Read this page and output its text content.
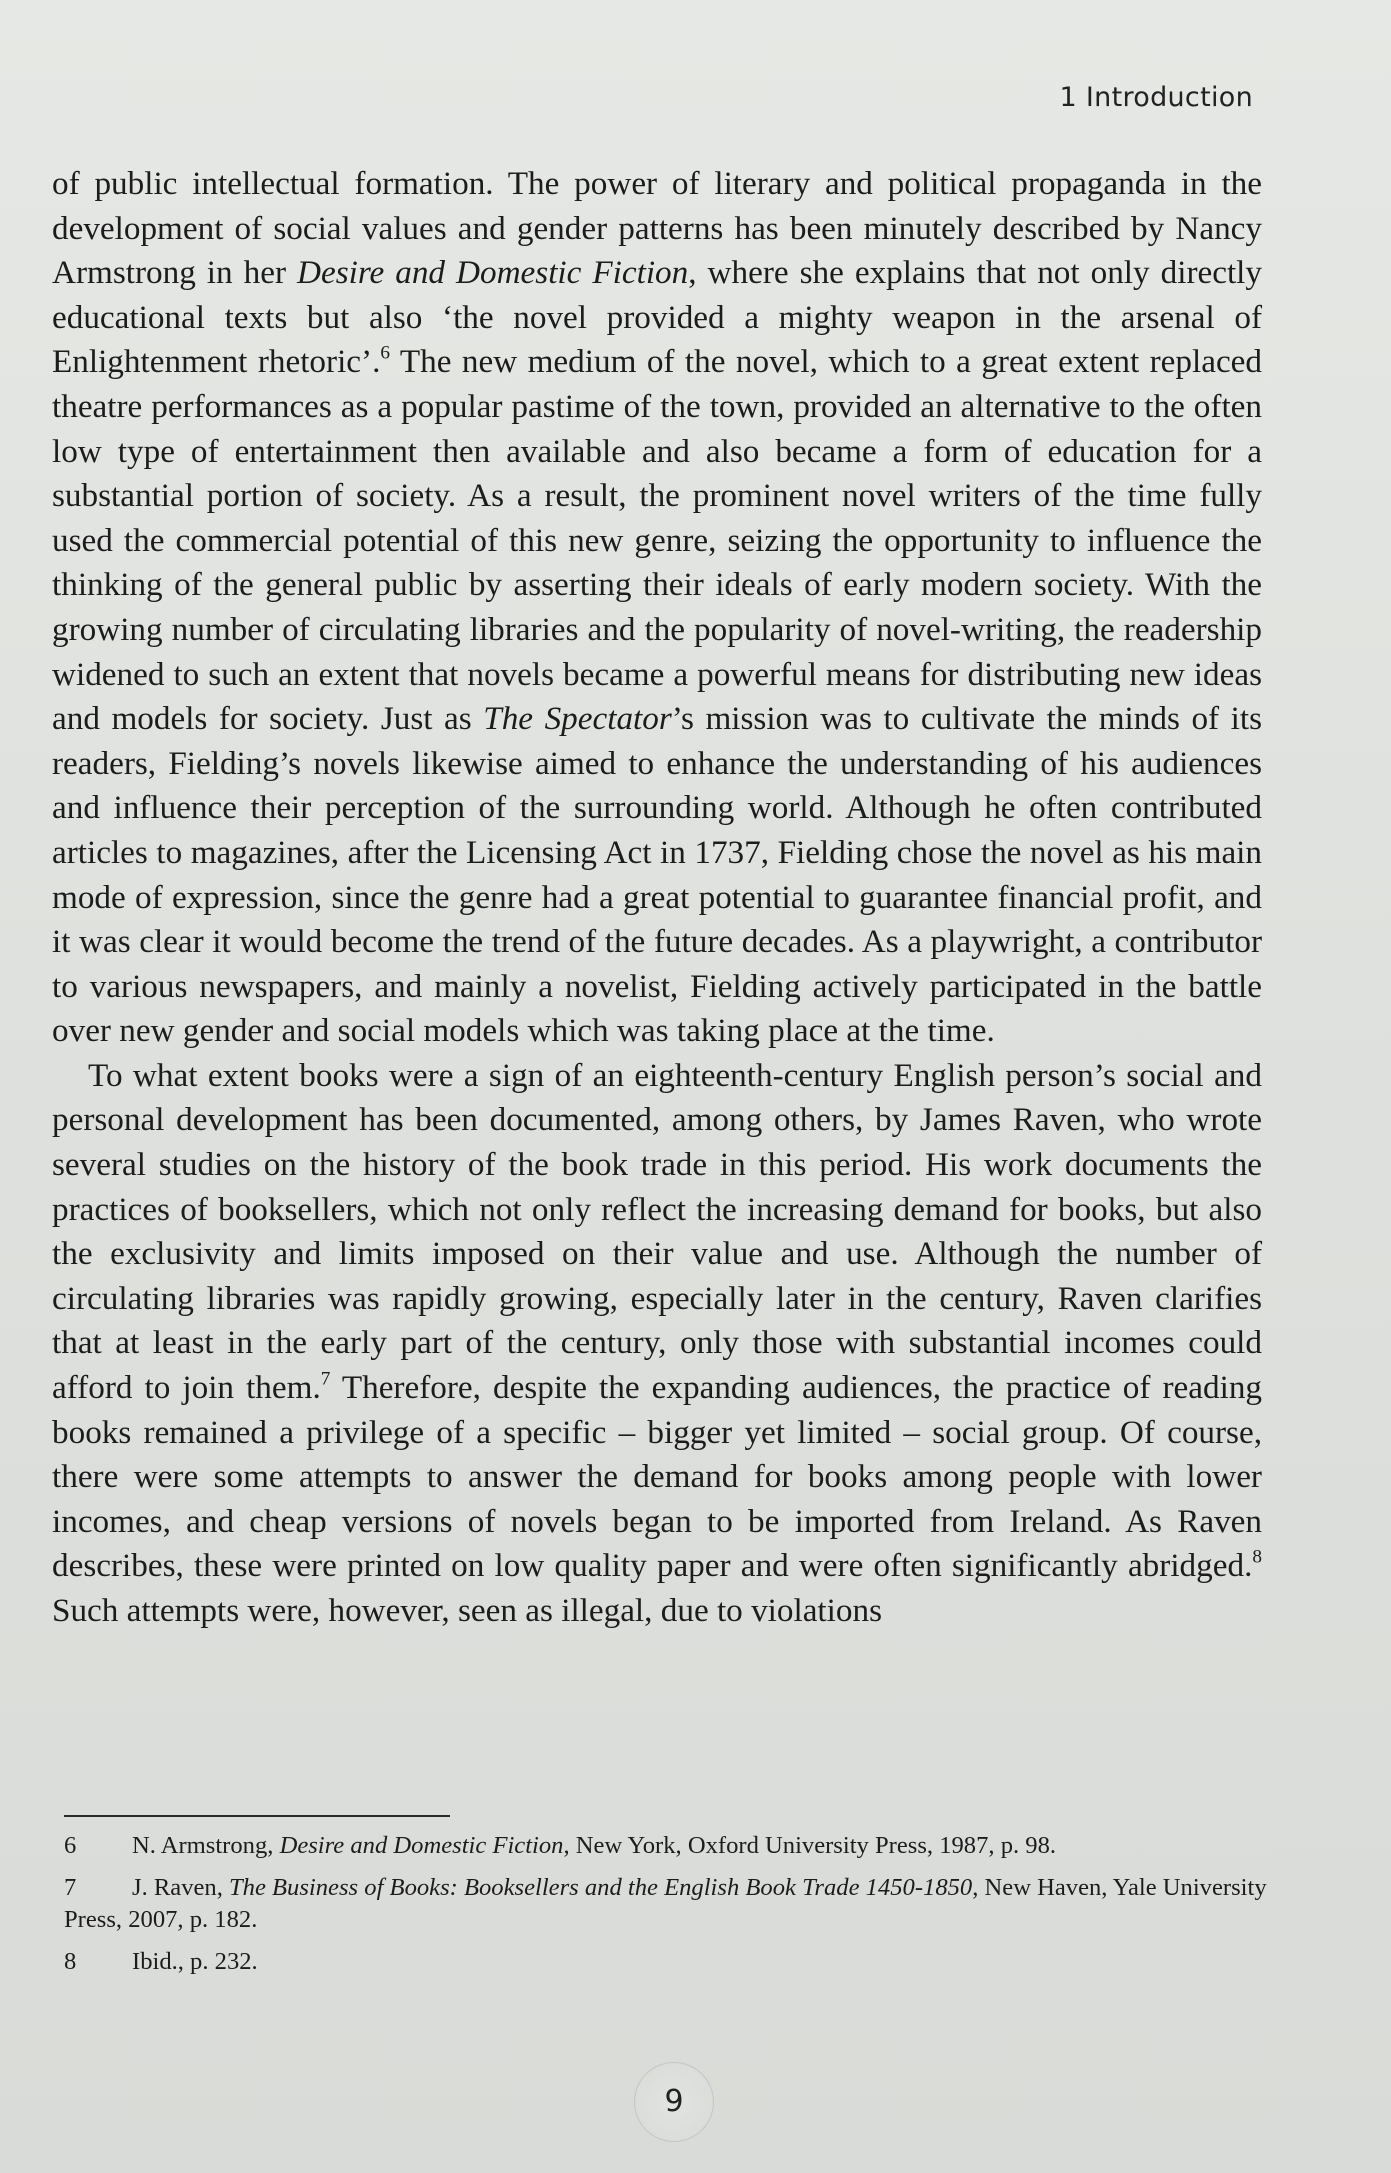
1 Introduction

of public intellectual formation. The power of literary and political propaganda in the development of social values and gender patterns has been minutely described by Nancy Armstrong in her Desire and Domestic Fiction, where she explains that not only directly educational texts but also ‘the novel provided a mighty weapon in the arsenal of Enlightenment rhetoric’.$^6$ The new medium of the novel, which to a great extent replaced theatre performances as a popular pastime of the town, provided an alternative to the often low type of entertainment then available and also became a form of education for a substantial portion of society. As a result, the prominent novel writers of the time fully used the commercial potential of this new genre, seizing the opportunity to influence the thinking of the general public by asserting their ideals of early modern society. With the growing number of circulating libraries and the popularity of novel-writing, the readership widened to such an extent that novels became a powerful means for distributing new ideas and models for society. Just as The Spectator’s mission was to cultivate the minds of its readers, Fielding’s novels likewise aimed to enhance the understanding of his audiences and influence their perception of the surrounding world. Although he often contributed articles to magazines, after the Licensing Act in 1737, Fielding chose the novel as his main mode of expression, since the genre had a great potential to guarantee financial profit, and it was clear it would become the trend of the future decades. As a playwright, a contributor to various newspapers, and mainly a novelist, Fielding actively participated in the battle over new gender and social models which was taking place at the time.

To what extent books were a sign of an eighteenth-century English person’s social and personal development has been documented, among others, by James Raven, who wrote several studies on the history of the book trade in this period. His work documents the practices of booksellers, which not only reflect the increasing demand for books, but also the exclusivity and limits imposed on their value and use. Although the number of circulating libraries was rapidly growing, especially later in the century, Raven clarifies that at least in the early part of the century, only those with substantial incomes could afford to join them.$^7$ Therefore, despite the expanding audiences, the practice of reading books remained a privilege of a specific – bigger yet limited – social group. Of course, there were some attempts to answer the demand for books among people with lower incomes, and cheap versions of novels began to be imported from Ireland. As Raven describes, these were printed on low quality paper and were often significantly abridged.$^8$ Such attempts were, however, seen as illegal, due to violations

6 N. Armstrong, Desire and Domestic Fiction, New York, Oxford University Press, 1987, p. 98.
7 J. Raven, The Business of Books: Booksellers and the English Book Trade 1450-1850, New Haven, Yale University Press, 2007, p. 182.
8 Ibid., p. 232.
9
